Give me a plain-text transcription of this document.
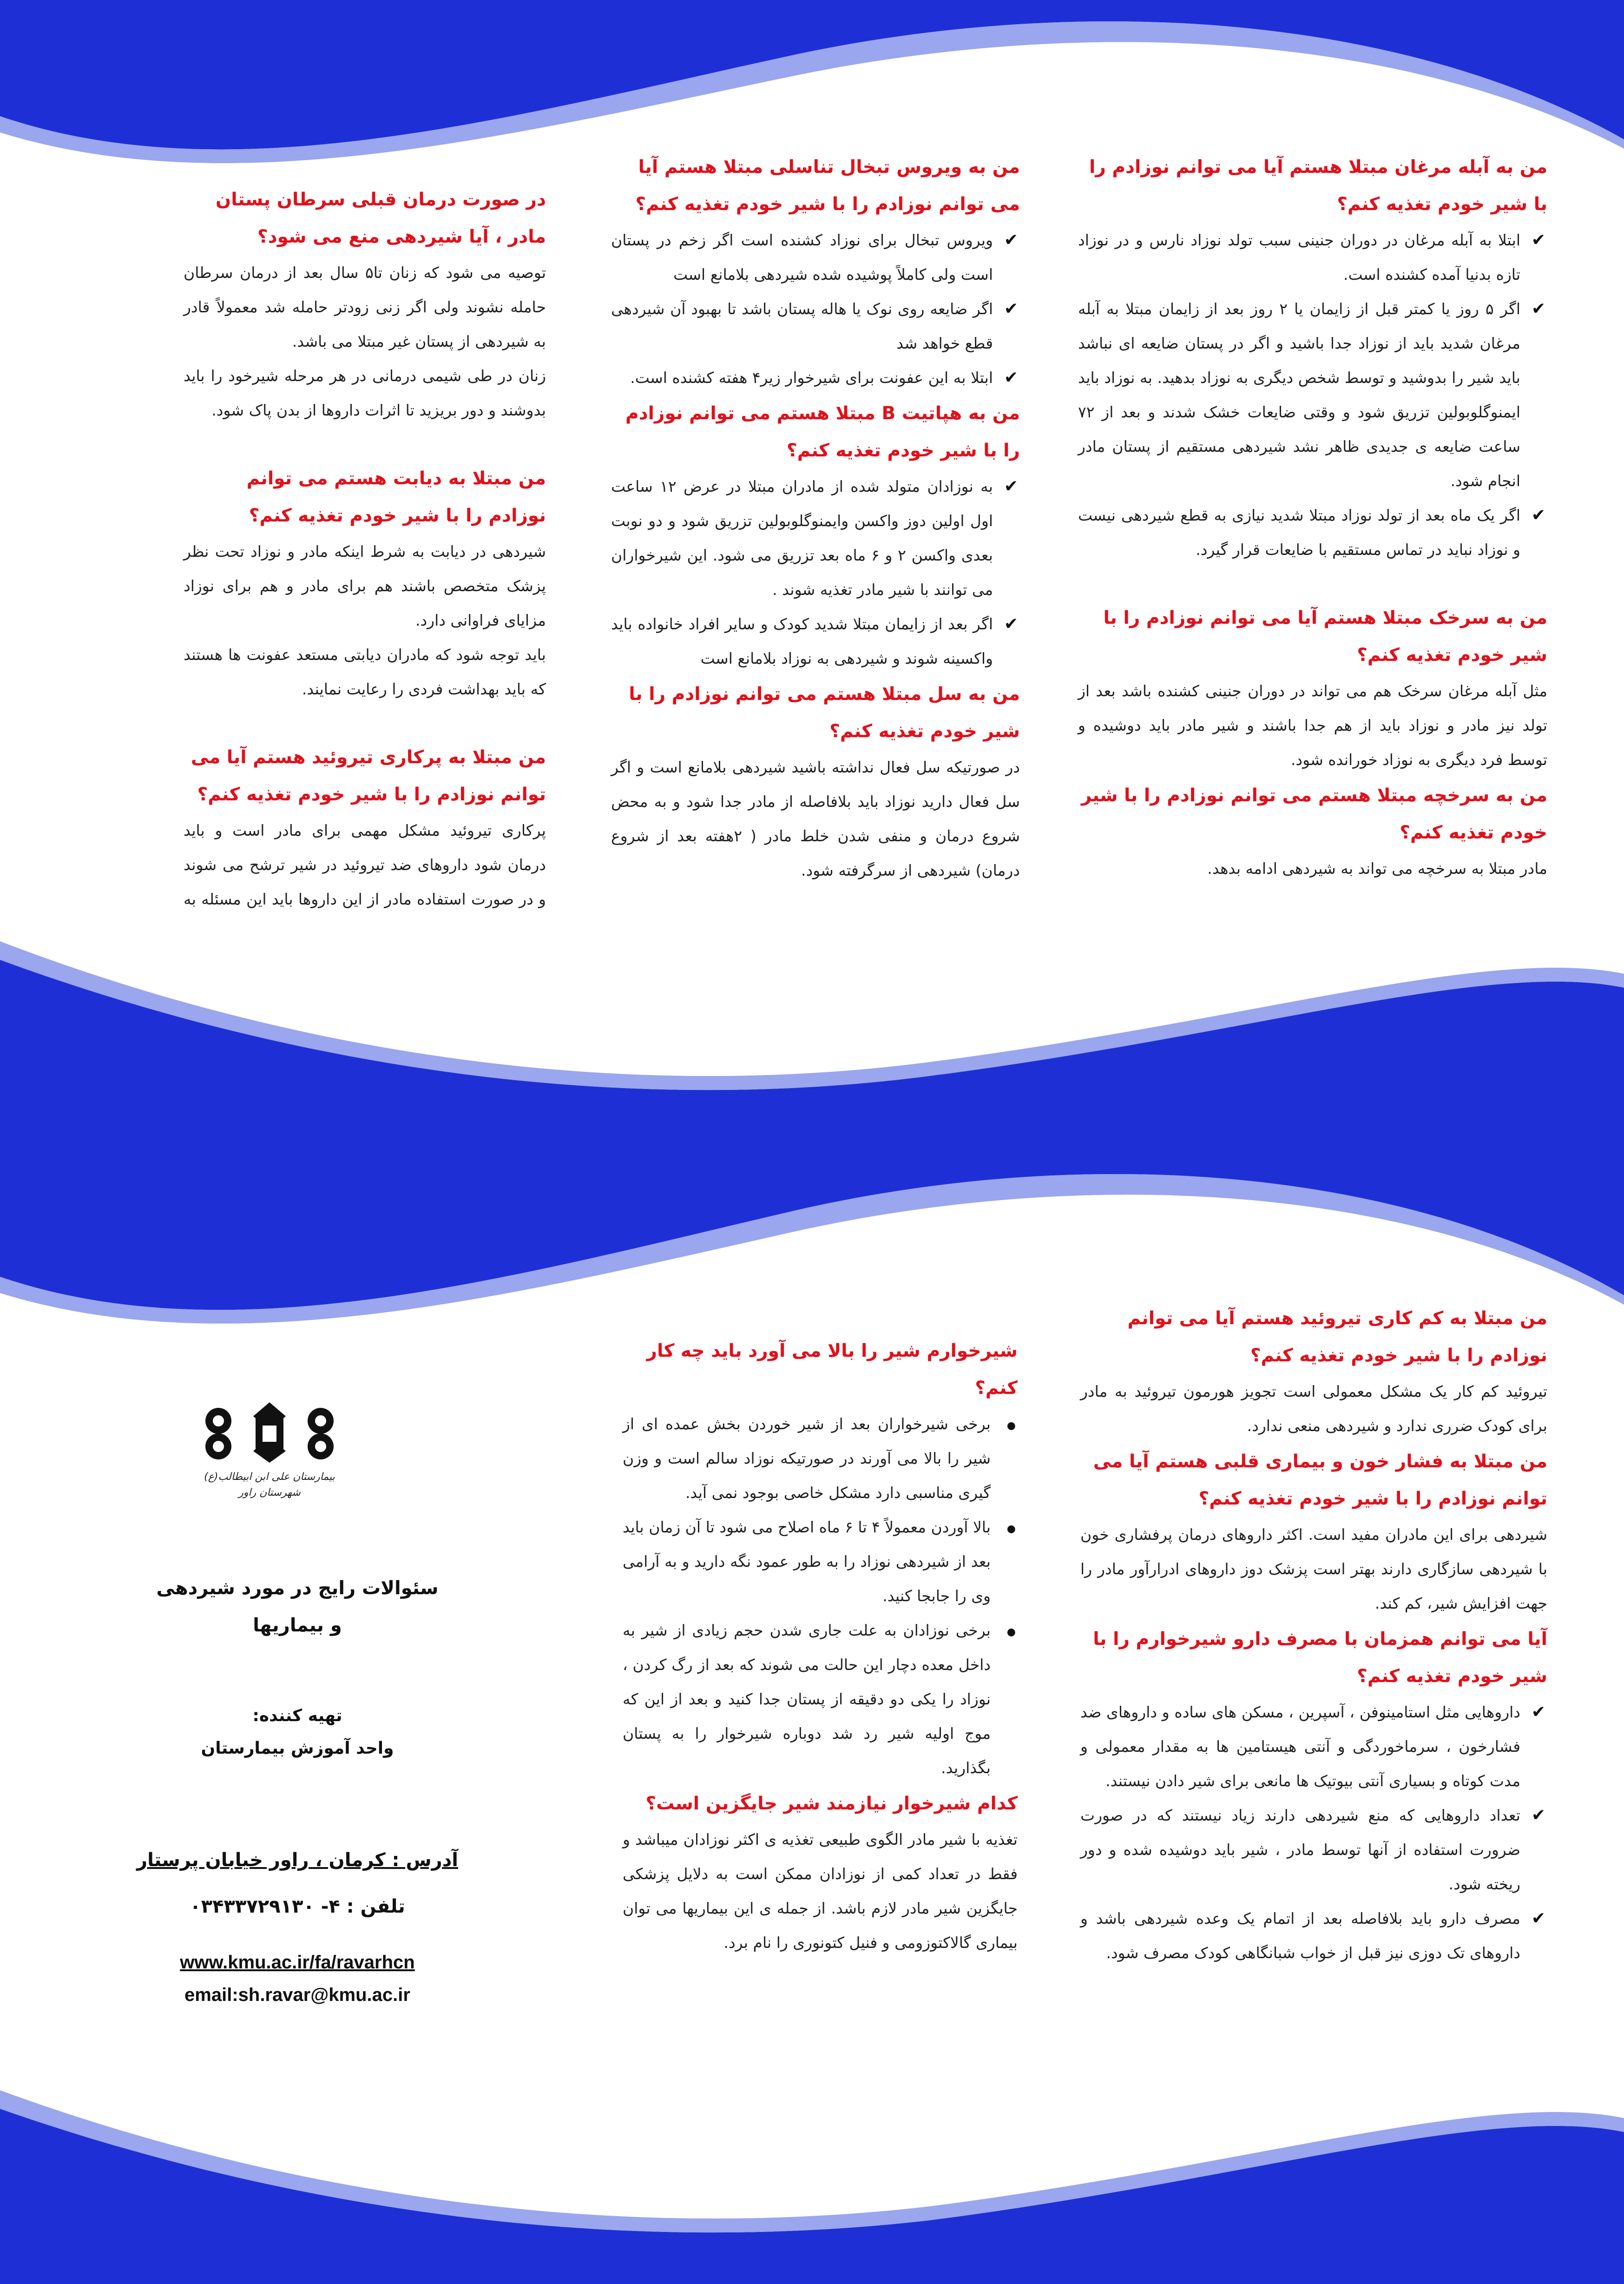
من به آبله مرغان مبتلا هستم آیا می توانم نوزادم را با شیر خودم تغذیه کنم؟
✔
ابتلا به آبله مرغان در دوران جنینی سبب تولد نوزاد نارس و در نوزاد تازه بدنیا آمده کشنده است.
✔
اگر ۵ روز یا کمتر قبل از زایمان یا ۲ روز بعد از زایمان مبتلا به آبله مرغان شدید باید از نوزاد جدا باشید و اگر در پستان ضایعه ای نباشد باید شیر را بدوشید و توسط شخص دیگری به نوزاد بدهید. به نوزاد باید ایمنوگلوبولین تزریق شود و وقتی ضایعات خشک شدند و بعد از ۷۲ ساعت ضایعه ی جدیدی ظاهر نشد شیردهی مستقیم از پستان مادر انجام شود.
✔
اگر یک ماه بعد از تولد نوزاد مبتلا شدید نیازی به قطع شیردهی نیست و نوزاد نباید در تماس مستقیم با ضایعات قرار گیرد.
من به سرخک مبتلا هستم آیا می توانم نوزادم را با شیر خودم تغذیه کنم؟

مثل آبله مرغان سرخک هم می تواند در دوران جنینی کشنده باشد بعد از تولد نیز مادر و نوزاد باید از هم جدا باشند و شیر مادر باید دوشیده و توسط فرد دیگری به نوزاد خورانده شود.

من به سرخچه مبتلا هستم می توانم نوزادم را با شیر خودم تغذیه کنم؟

مادر مبتلا به سرخچه می تواند به شیردهی ادامه بدهد.

من به ویروس تبخال تناسلی مبتلا هستم آیا می توانم نوزادم را با شیر خودم تغذیه کنم؟
✔
ویروس تبخال برای نوزاد کشنده است اگر زخم در پستان است ولی کاملاً پوشیده شده شیردهی بلامانع است
✔
اگر ضایعه روی نوک یا هاله پستان باشد تا بهبود آن شیردهی قطع خواهد شد
✔
ابتلا به این عفونت برای شیرخوار زیر۴ هفته کشنده است.
من به هپاتیت B مبتلا هستم می توانم نوزادم را با شیر خودم تغذیه کنم؟
✔
به نوزادان متولد شده از مادران مبتلا در عرض ۱۲ ساعت اول اولین دوز واکسن وایمنوگلوبولین تزریق شود و دو نوبت بعدی واکسن ۲ و ۶ ماه بعد تزریق می شود. این شیرخواران می توانند با شیر مادر تغذیه شوند .
✔
اگر بعد از زایمان مبتلا شدید کودک و سایر افراد خانواده باید واکسینه شوند و شیردهی به نوزاد بلامانع است
من به سل مبتلا هستم می توانم نوزادم را با شیر خودم تغذیه کنم؟

در صورتیکه سل فعال نداشته باشید شیردهی بلامانع است و اگر سل فعال دارید نوزاد باید بلافاصله از مادر جدا شود و به محض شروع درمان و منفی شدن خلط مادر ( ۲هفته بعد از شروع درمان) شیردهی از سرگرفته شود.

در صورت درمان قبلی سرطان پستان مادر ، آیا شیردهی منع می شود؟

توصیه می شود که زنان تا۵ سال بعد از درمان سرطان حامله نشوند ولی اگر زنی زودتر حامله شد معمولاً قادر به شیردهی از پستان غیر مبتلا می باشد.

زنان در طی شیمی درمانی در هر مرحله شیرخود را باید بدوشند و دور بریزید تا اثرات داروها از بدن پاک شود.

من مبتلا به دیابت هستم می توانم نوزادم را با شیر خودم تغذیه کنم؟

شیردهی در دیابت به شرط اینکه مادر و نوزاد تحت نظر پزشک متخصص باشند هم برای مادر و هم برای نوزاد مزایای فراوانی دارد.

باید توجه شود که مادران دیابتی مستعد عفونت ها هستند که باید بهداشت فردی را رعایت نمایند.

من مبتلا به پرکاری تیروئید هستم آیا می توانم نوزادم را با شیر خودم تغذیه کنم؟

پرکاری تیروئید مشکل مهمی برای مادر است و باید درمان شود داروهای ضد تیروئید در شیر ترشح می شوند و در صورت استفاده مادر از این داروها باید این مسئله به

من مبتلا به کم کاری تیروئید هستم آیا می توانم نوزادم را با شیر خودم تغذیه کنم؟

تیروئید کم کار یک مشکل معمولی است تجویز هورمون تیروئید به مادر برای کودک ضرری ندارد و شیردهی منعی ندارد.

من مبتلا به فشار خون و بیماری قلبی هستم آیا می توانم نوزادم را با شیر خودم تغذیه کنم؟

شیردهی برای این مادران مفید است. اکثر داروهای درمان پرفشاری خون با شیردهی سازگاری دارند بهتر است پزشک دوز داروهای ادرارآور مادر را جهت افزایش شیر، کم کند.

آیا می توانم همزمان با مصرف دارو شیرخوارم را با شیر خودم تغذیه کنم؟
✔
داروهایی مثل استامینوفن ، آسپرین ، مسکن های ساده و داروهای ضد فشارخون ، سرماخوردگی و آنتی هیستامین ها به مقدار معمولی و مدت کوتاه و بسیاری آنتی بیوتیک ها مانعی برای شیر دادن نیستند.
✔
تعداد داروهایی که منع شیردهی دارند زیاد نیستند که در صورت ضرورت استفاده از آنها توسط مادر ، شیر باید دوشیده شده و دور ریخته شود.
✔
مصرف دارو باید بلافاصله بعد از اتمام یک وعده شیردهی باشد و داروهای تک دوزی نیز قبل از خواب شبانگاهی کودک مصرف شود.
شیرخوارم شیر را بالا می آورد باید چه کار کنم؟
●
برخی شیرخواران بعد از شیر خوردن بخش عمده ای از شیر را بالا می آورند در صورتیکه نوزاد سالم است و وزن گیری مناسبی دارد مشکل خاصی بوجود نمی آید.
●
بالا آوردن معمولاً ۴ تا ۶ ماه اصلاح می شود تا آن زمان باید بعد از شیردهی نوزاد را به طور عمود نگه دارید و به آرامی وی را جابجا کنید.
●
برخی نوزادان به علت جاری شدن حجم زیادی از شیر به داخل معده دچار این حالت می شوند که بعد از رگ کردن ، نوزاد را یکی دو دقیقه از پستان جدا کنید و بعد از این که موج اولیه شیر رد شد دوباره شیرخوار را به پستان بگذارید.
کدام شیرخوار نیازمند شیر جایگزین است؟

تغذیه با شیر مادر الگوی طبیعی تغذیه ی اکثر نوزادان میباشد و فقط در تعداد کمی از نوزادان ممکن است به دلایل پزشکی جایگزین شیر مادر لازم باشد. از جمله ی این بیماریها می توان بیماری گالاکتوزومی و فنیل کتونوری را نام برد.

بیمارستان علی ابن ابیطالب(ع) شهرستان راور
سئوالات رایج در مورد شیردهی
و بیماریها
تهیه کننده:
واحد آموزش بیمارستان
آدرس : کرمان ، راور خیابان پرستار
تلفن : ۴- ۰۳۴۳۳۷۲۹۱۳۰
www.kmu.ac.ir/fa/ravarhcn
email:sh.ravar@kmu.ac.ir
